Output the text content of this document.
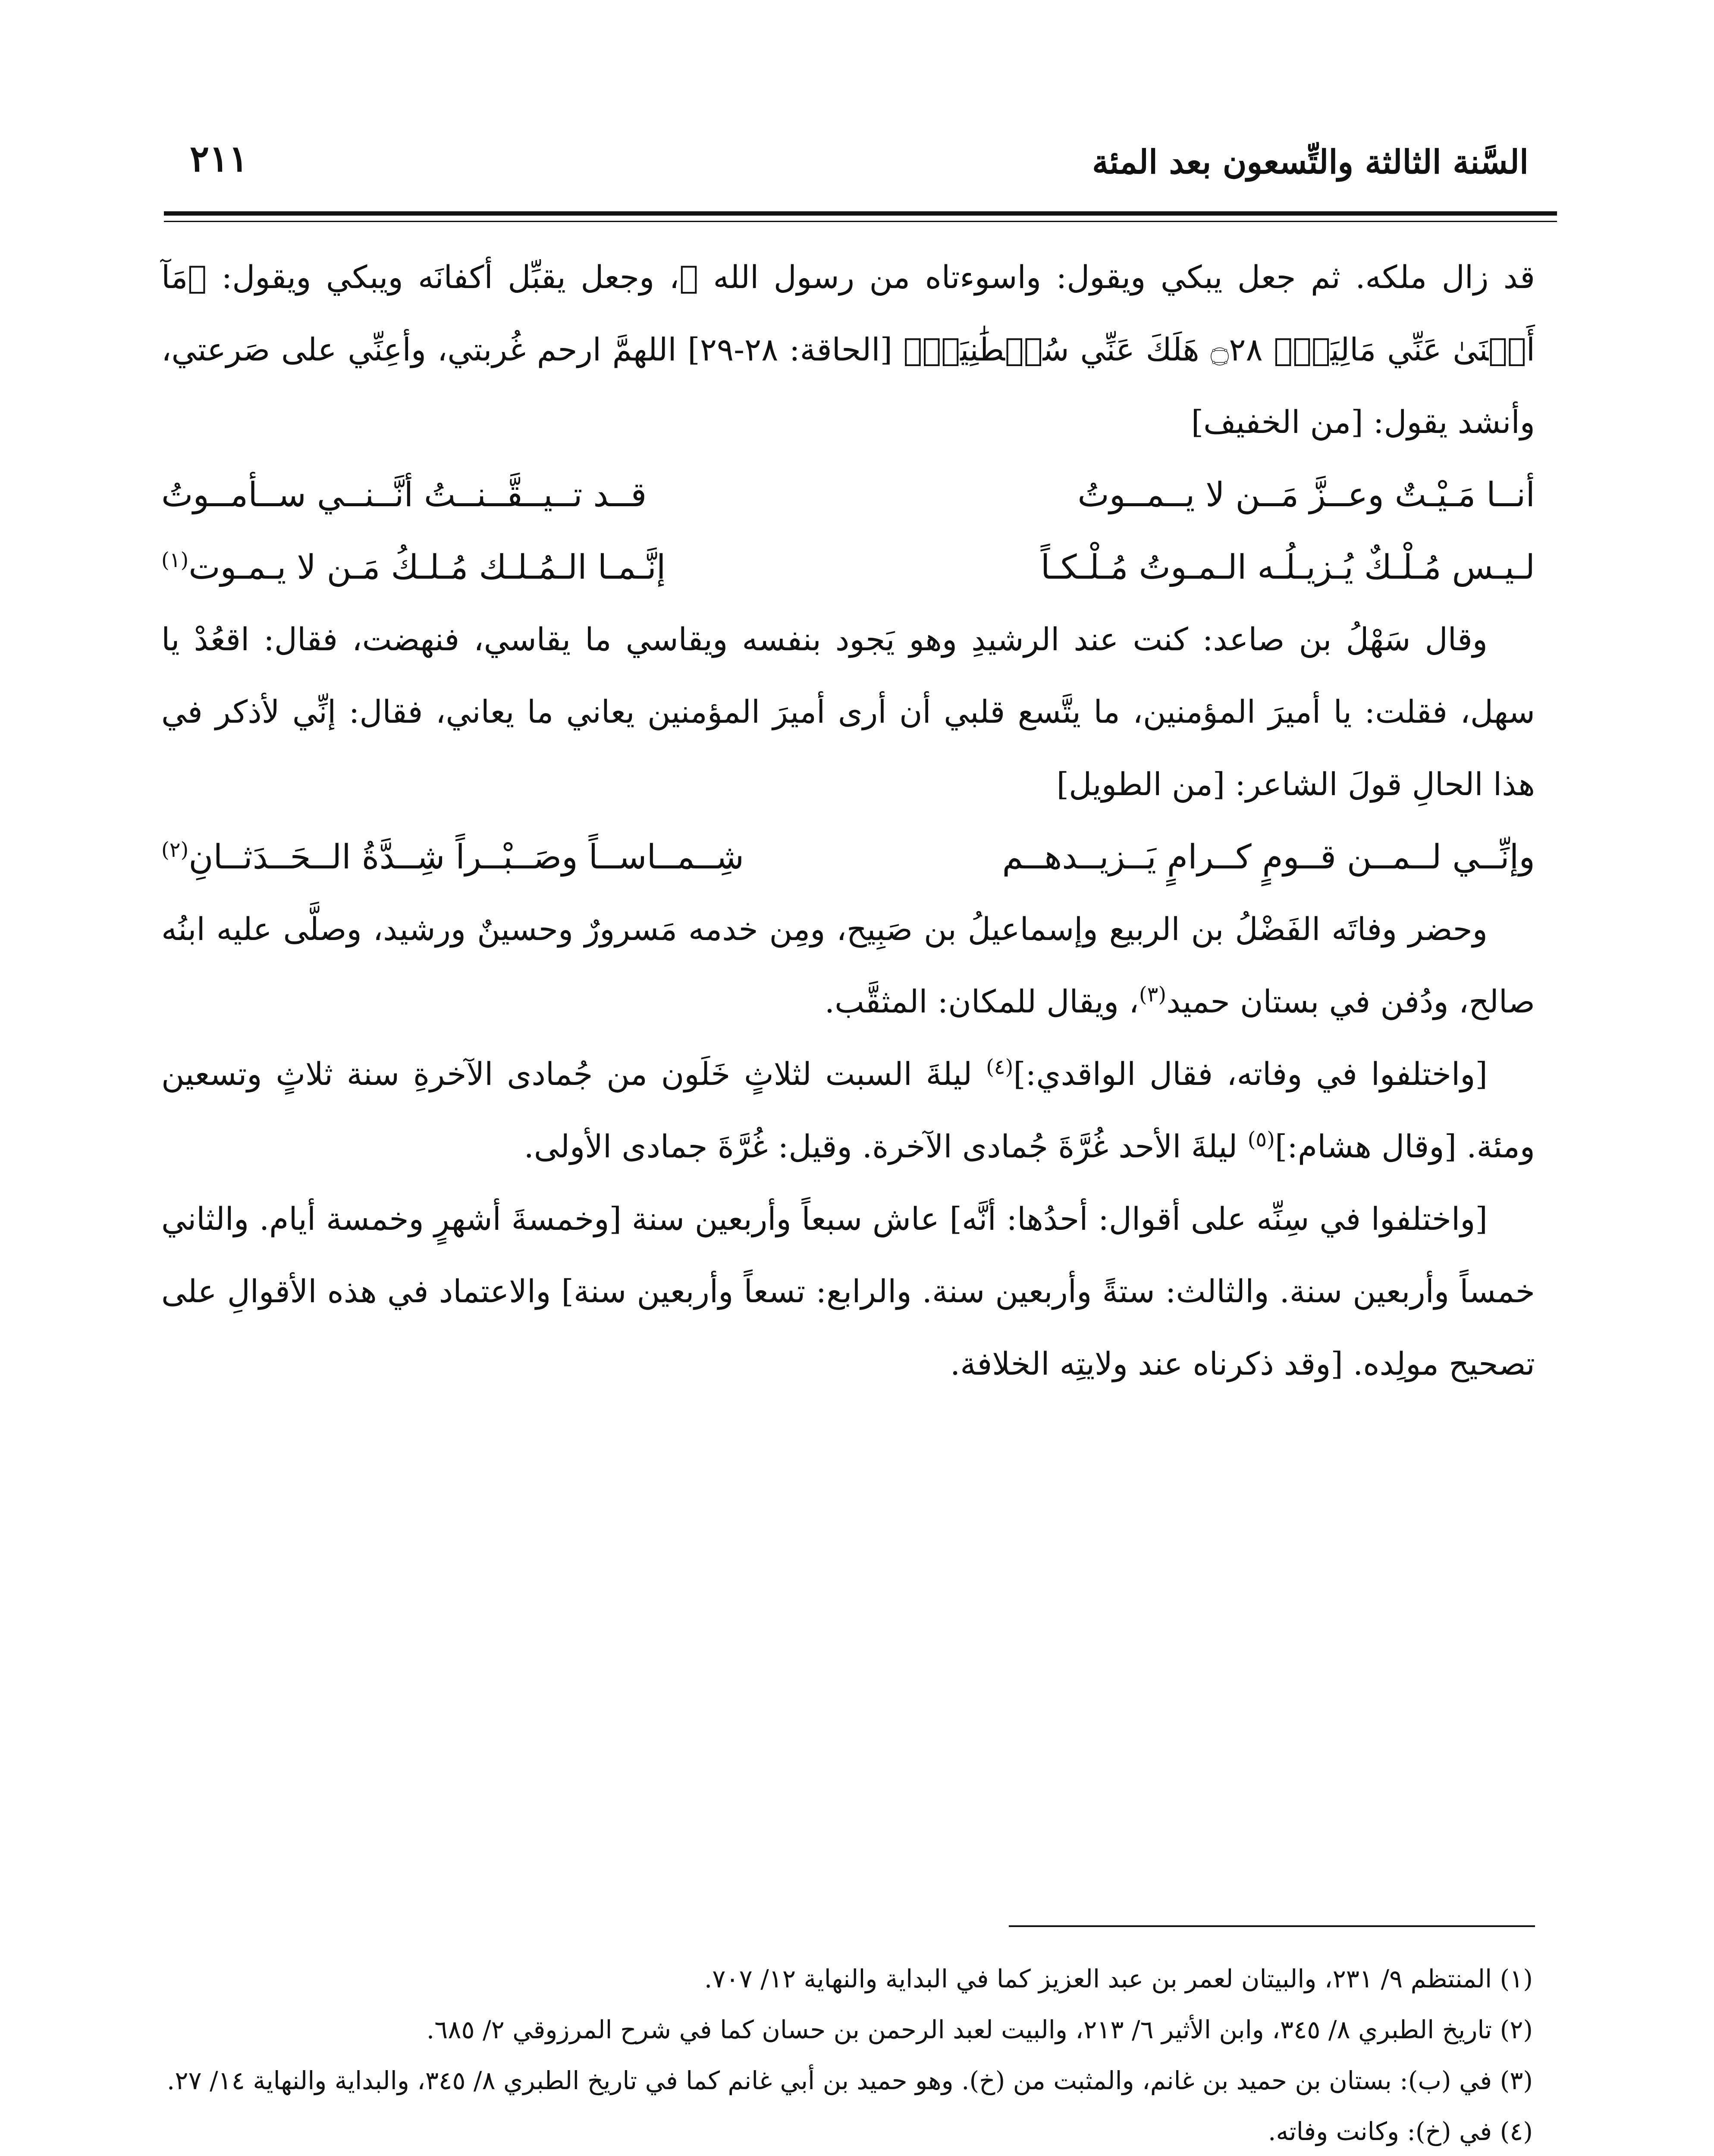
السَّنة الثالثة والتِّسعون بعد المئة
٢١١

قد زال ملكه. ثم جعل يبكي ويقول: واسوءتاه من رسول الله ﷺ، وجعل يقبِّل أكفانَه ويبكي ويقول: ﴿مَآ أَغۡنَىٰ عَنِّي مَالِيَهۡۜ ۝٢٨ هَلَكَ عَنِّي سُلۡطَٰنِيَهۡ﴾ [الحاقة: ٢٨-٢٩] اللهمَّ ارحم غُربتي، وأعِنِّي على صَرعتي، وأنشد يقول: [من الخفيف]

أنــا مَـيْـتٌ وعــزَّ مَــن لا يــمــوتُ
قــد تــيــقَّــنــتُ أنَّــنــي ســأمــوتُ
لـيـس مُـلْـكٌ يُـزيـلُـه الـمـوتُ مُـلْـكـاً
إنَّـمـا الـمُـلـك مُـلـكُ مَـن لا يـمـوت$^{(١)}$

وقال سَهْلُ بن صاعد: كنت عند الرشيدِ وهو يَجود بنفسه ويقاسي ما يقاسي، فنهضت، فقال: اقعُدْ يا سهل، فقلت: يا أميرَ المؤمنين، ما يتَّسع قلبي أن أرى أميرَ المؤمنين يعاني ما يعاني، فقال: إنِّي لأذكر في هذا الحالِ قولَ الشاعر: [من الطويل]

وإنِّــي لــمــن قــومٍ كــرامٍ يَــزيــدهــم
شِــمــاســاً وصَــبْــراً شِــدَّةُ الــحَــدَثــانِ$^{(٢)}$

وحضر وفاتَه الفَضْلُ بن الربيع وإسماعيلُ بن صَبِيح، ومِن خدمه مَسرورٌ وحسينٌ ورشيد، وصلَّى عليه ابنُه صالح، ودُفن في بستان حميد$^{(٣)}$، ويقال للمكان: المثقَّب.

[واختلفوا في وفاته، فقال الواقدي:]$^{(٤)}$ ليلةَ السبت لثلاثٍ خَلَون من جُمادى الآخرةِ سنة ثلاثٍ وتسعين ومئة. [وقال هشام:]$^{(٥)}$ ليلةَ الأحد غُرَّةَ جُمادى الآخرة. وقيل: غُرَّةَ جمادى الأولى.

[واختلفوا في سِنِّه على أقوال: أحدُها: أنَّه] عاش سبعاً وأربعين سنة [وخمسةَ أشهرٍ وخمسة أيام. والثاني خمساً وأربعين سنة. والثالث: ستةً وأربعين سنة. والرابع: تسعاً وأربعين سنة] والاعتماد في هذه الأقوالِ على تصحيح مولِده. [وقد ذكرناه عند ولايتِه الخلافة.

(١) المنتظم ٩/ ٢٣١، والبيتان لعمر بن عبد العزيز كما في البداية والنهاية ١٢/ ٧٠٧.
(٢) تاريخ الطبري ٨/ ٣٤٥، وابن الأثير ٦/ ٢١٣، والبيت لعبد الرحمن بن حسان كما في شرح المرزوقي ٢/ ٦٨٥.
(٣) في (ب): بستان بن حميد بن غانم، والمثبت من (خ). وهو حميد بن أبي غانم كما في تاريخ الطبري ٨/ ٣٤٥، والبداية والنهاية ١٤/ ٢٧.
(٤) في (خ): وكانت وفاته.
